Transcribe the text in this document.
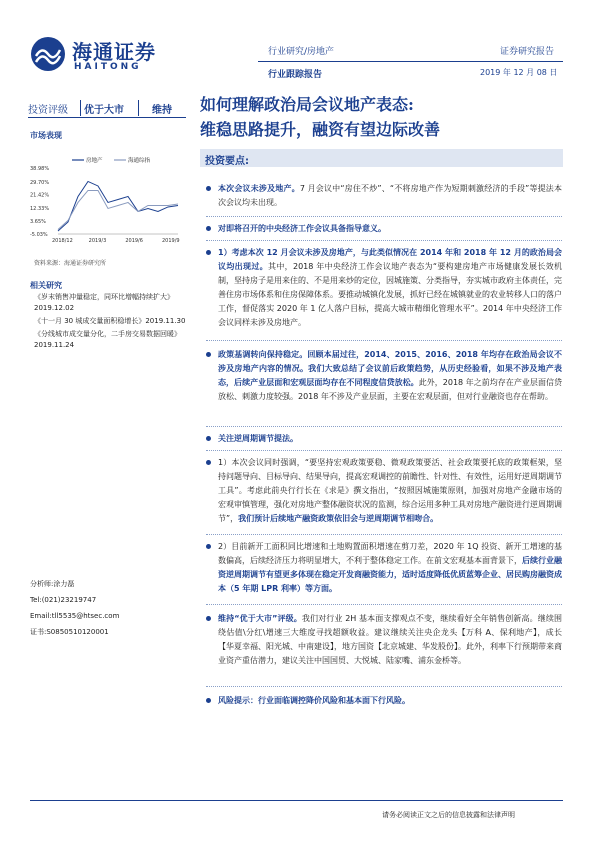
海通证券
HAITONG
行业研究/房地产	证券研究报告
行业跟踪报告	2019 年 12 月 08 日
投资评级 优于大市	维持 如何理解政治局会议地产表态:
维稳思路提升，融资有望边际改善
投资要点:
市场表现
房地产	海通综指
38.98%
29.70%
21.42%
12.33%
3.65%
-5.03%
2018/12	2019/3	2019/6	2019/9
资料来源：海通证券研究所
相关研究
《岁末销售冲量稳定，同环比增幅持续扩大》2019.12.02
《十一月 30 城成交量面积稳增长》2019.11.30
《分线城市成交量分化，二手房交易数据回暖》2019.11.24
分析师:涂力磊
Tel:(021)23219747
Email:tll5535@htsec.com
证书:S0850510120001
本次会议未涉及地产。7 月会议中“房住不炒”、“不将房地产作为短期刺激经济的手段”等提法本次会议均未出现。
对即将召开的中央经济工作会议具备指导意义。
1）考虑本次 12 月会议未涉及房地产，与此类似情况在 2014 年和 2018 年 12 月的政治局会议均出现过。其中，2018 年中央经济工作会议地产表态为“要构建房地产市场健康发展长效机制，坚持房子是用来住的、不是用来炒的定位，因城施策、分类指导，夯实城市政府主体责任，完善住房市场体系和住房保障体系。要推动城镇化发展，抓好已经在城镇就业的农业转移人口的落户工作，督促落实 2020 年 1 亿人落户目标，提高大城市精细化管理水平”。2014 年中央经济工作会议同样未涉及房地产。
政策基调转向保持稳定。回顾本届过往，2014、2015、2016、2018 年均存在政治局会议不涉及房地产内容的情况。我们大致总结了会议前后政策趋势，从历史经验看，如果不涉及地产表态，后续产业层面和宏观层面均存在不同程度信贷放松。此外，2018 年之前均存在产业层面信贷放松、刺激力度较强。2018 年不涉及产业层面，主要在宏观层面，但对行业融资也存在帮助。
关注逆周期调节提法。
1）本次会议同时强调，“要坚持宏观政策要稳、微观政策要活、社会政策要托底的政策框架，坚持问题导向、目标导向、结果导向，提高宏观调控的前瞻性、针对性、有效性，运用好逆周期调节工具”。考虑此前央行行长在《求是》撰文指出，“按照因城施策原则，加强对房地产金融市场的宏观审慎管理，强化对房地产整体融资状况的监测，综合运用多种工具对房地产融资进行逆周期调节”，我们预计后续地产融资政策依旧会与逆周期调节相吻合。
2）目前新开工面积同比增速和土地购置面积增速在剪刀差，2020 年 1Q 投资、新开工增速的基数偏高，后续经济压力将明显增大，不利于整体稳定工作。在前文宏观基本面背景下，后续行业融资逆周期调节有望更多体现在稳定开发商融资能力，适时适度降低优质蓝筹企业、居民购房融资成本（5 年期 LPR 利率）等方面。
维持“优于大市”评级。我们对行业 2H 基本面支撑观点不变，继续看好全年销售创新高。继续围绕估值\分红\增速三大维度寻找超额收益。建议继续关注央企龙头【万科 A、保利地产】，成长【华夏幸福、阳光城、中南建设】，地方国资【北京城建、华发股份】。此外，利率下行预期带来商业资产重估潜力，建议关注中国国贸、大悦城、陆家嘴、浦东金桥等。
风险提示：行业面临调控降价风险和基本面下行风险。
请务必阅读正文之后的信息披露和法律声明
